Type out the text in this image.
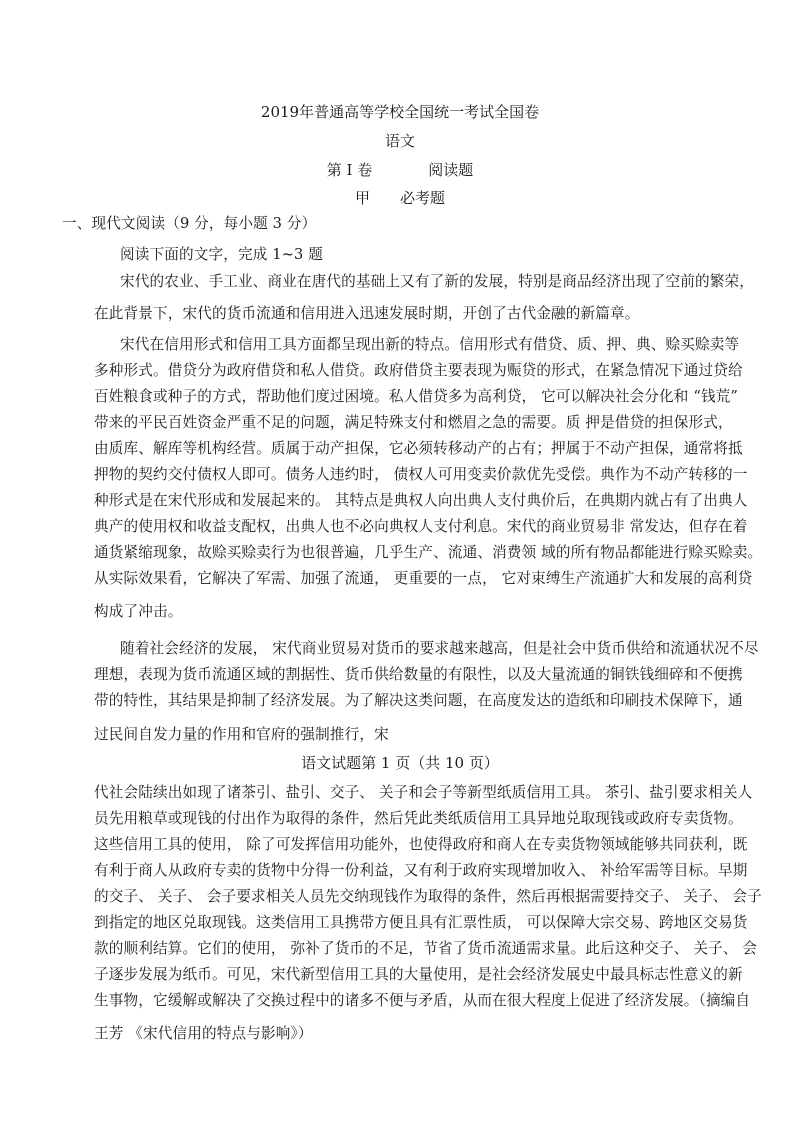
2019年普通高等学校全国统一考试全国卷
语文
第 I 卷	阅读题
甲 必考题
一、现代文阅读（9 分，每小题 3 分）
阅读下面的文字，完成 1~3 题
宋代的农业、手工业、商业在唐代的基础上又有了新的发展，特别是商品经济出现了空前的繁荣，
在此背景下，宋代的货币流通和信用进入迅速发展时期，开创了古代金融的新篇章。
宋代在信用形式和信用工具方面都呈现出新的特点。信用形式有借贷、质、押、典、赊买赊卖等
多种形式。借贷分为政府借贷和私人借贷。政府借贷主要表现为赈贷的形式，在紧急情况下通过贷给
百姓粮食或种子的方式，帮助他们度过困境。私人借贷多为高利贷， 它可以解决社会分化和 “钱荒”
带来的平民百姓资金严重不足的问题，满足特殊支付和燃眉之急的需要。质 押是借贷的担保形式，
由质库、解库等机构经营。质属于动产担保，它必须转移动产的占有；押属于不动产担保，通常将抵
押物的契约交付债权人即可。债务人违约时， 债权人可用变卖价款优先受偿。典作为不动产转移的一
种形式是在宋代形成和发展起来的。 其特点是典权人向出典人支付典价后，在典期内就占有了出典人
典产的使用权和收益支配权，出典人也不必向典权人支付利息。宋代的商业贸易非 常发达，但存在着
通货紧缩现象，故赊买赊卖行为也很普遍，几乎生产、流通、消费领 域的所有物品都能进行赊买赊卖。
从实际效果看，它解决了军需、加强了流通， 更重要的一点， 它对束缚生产流通扩大和发展的高利贷
构成了冲击。
随着社会经济的发展， 宋代商业贸易对货币的要求越来越高，但是社会中货币供给和流通状况不尽
理想，表现为货币流通区域的割据性、货币供给数量的有限性，以及大量流通的铜铁钱细碎和不便携
带的特性，其结果是抑制了经济发展。为了解决这类问题，在高度发达的造纸和印刷技术保障下，通
过民间自发力量的作用和官府的强制推行，宋
语文试题第 1 页（共 10 页）
代社会陆续出如现了诸茶引、盐引、交子、 关子和会子等新型纸质信用工具。 茶引、盐引要求相关人
员先用粮草或现钱的付出作为取得的条件，然后凭此类纸质信用工具异地兑取现钱或政府专卖货物。
这些信用工具的使用， 除了可发挥信用功能外，也使得政府和商人在专卖货物领域能够共同获利，既
有利于商人从政府专卖的货物中分得一份利益，又有利于政府实现增加收入、 补给军需等目标。早期
的交子、 关子、 会子要求相关人员先交纳现钱作为取得的条件，然后再根据需要持交子、 关子、 会子
到指定的地区兑取现钱。这类信用工具携带方便且具有汇票性质， 可以保障大宗交易、跨地区交易货
款的顺利结算。它们的使用， 弥补了货币的不足，节省了货币流通需求量。此后这种交子、 关子、 会
子逐步发展为纸币。可见，宋代新型信用工具的大量使用，是社会经济发展史中最具标志性意义的新
生事物，它缓解或解决了交换过程中的诸多不便与矛盾，从而在很大程度上促进了经济发展。（摘编自
王芳 《宋代信用的特点与影响》）
